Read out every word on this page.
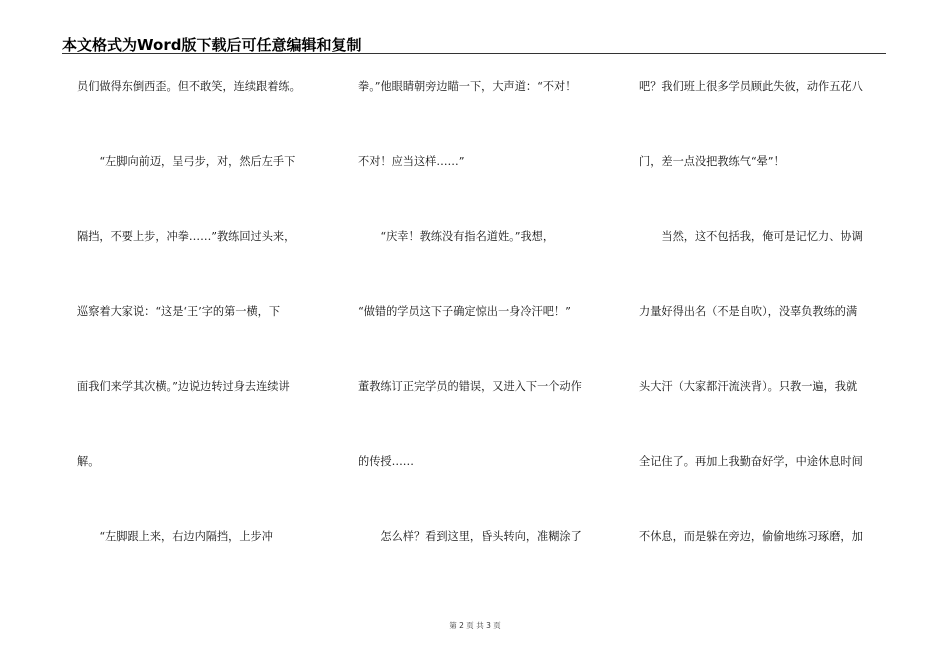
本文格式为Word版下载后可任意编辑和复制
员们做得东倒西歪。但不敢笑，连续跟着练。
　　“左脚向前迈，呈弓步，对，然后左手下
隔挡，不要上步，冲拳……”教练回过头来，
巡察着大家说：“这是‘王’字的第一横，下
面我们来学其次横。”边说边转过身去连续讲
解。
　　“左脚跟上来，右边内隔挡，上步冲
拳。”他眼睛朝旁边瞄一下，大声道：“不对！
不对！应当这样……”
　　“庆幸！教练没有指名道姓。”我想，
“做错的学员这下子确定惊出一身冷汗吧！”
董教练订正完学员的错误，又进入下一个动作
的传授……
　　怎么样？看到这里，昏头转向，准糊涂了
吧？我们班上很多学员顾此失彼，动作五花八
门，差一点没把教练气“晕”！
　　当然，这不包括我，俺可是记忆力、协调
力量好得出名（不是自吹），没辜负教练的满
头大汗（大家都汗流浃背）。只教一遍，我就
全记住了。再加上我勤奋好学，中途休息时间
不休息，而是躲在旁边，偷偷地练习琢磨，加
第 2 页 共 3 页
